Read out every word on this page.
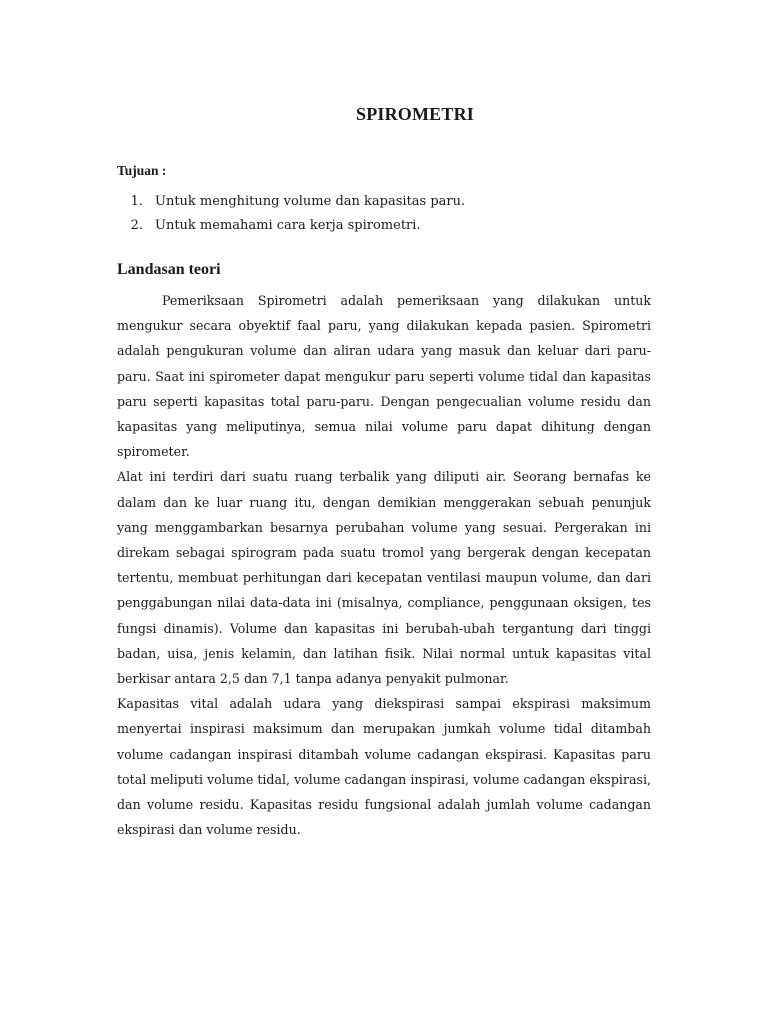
SPIROMETRI
Tujuan :
1. Untuk menghitung volume dan kapasitas paru.
2. Untuk memahami cara kerja spirometri.
Landasan teori

Pemeriksaan Spirometri adalah pemeriksaan yang dilakukan untuk mengukur secara obyektif faal paru, yang dilakukan kepada pasien. Spirometri adalah pengukuran volume dan aliran udara yang masuk dan keluar dari paru-paru. Saat ini spirometer dapat mengukur paru seperti volume tidal dan kapasitas paru seperti kapasitas total paru-paru. Dengan pengecualian volume residu dan kapasitas yang meliputinya, semua nilai volume paru dapat dihitung dengan spirometer.

Alat ini terdiri dari suatu ruang terbalik yang diliputi air. Seorang bernafas ke dalam dan ke luar ruang itu, dengan demikian menggerakan sebuah penunjuk yang menggambarkan besarnya perubahan volume yang sesuai. Pergerakan ini direkam sebagai spirogram pada suatu tromol yang bergerak dengan kecepatan tertentu, membuat perhitungan dari kecepatan ventilasi maupun volume, dan dari penggabungan nilai data-data ini (misalnya, compliance, penggunaan oksigen, tes fungsi dinamis). Volume dan kapasitas ini berubah-ubah tergantung dari tinggi badan, uisa, jenis kelamin, dan latihan fisik. Nilai normal untuk kapasitas vital berkisar antara 2,5 dan 7,1 tanpa adanya penyakit pulmonar.

Kapasitas vital adalah udara yang diekspirasi sampai ekspirasi maksimum menyertai inspirasi maksimum dan merupakan jumkah volume tidal ditambah volume cadangan inspirasi ditambah volume cadangan ekspirasi. Kapasitas paru total meliputi volume tidal, volume cadangan inspirasi, volume cadangan ekspirasi, dan volume residu. Kapasitas residu fungsional adalah jumlah volume cadangan ekspirasi dan volume residu.
